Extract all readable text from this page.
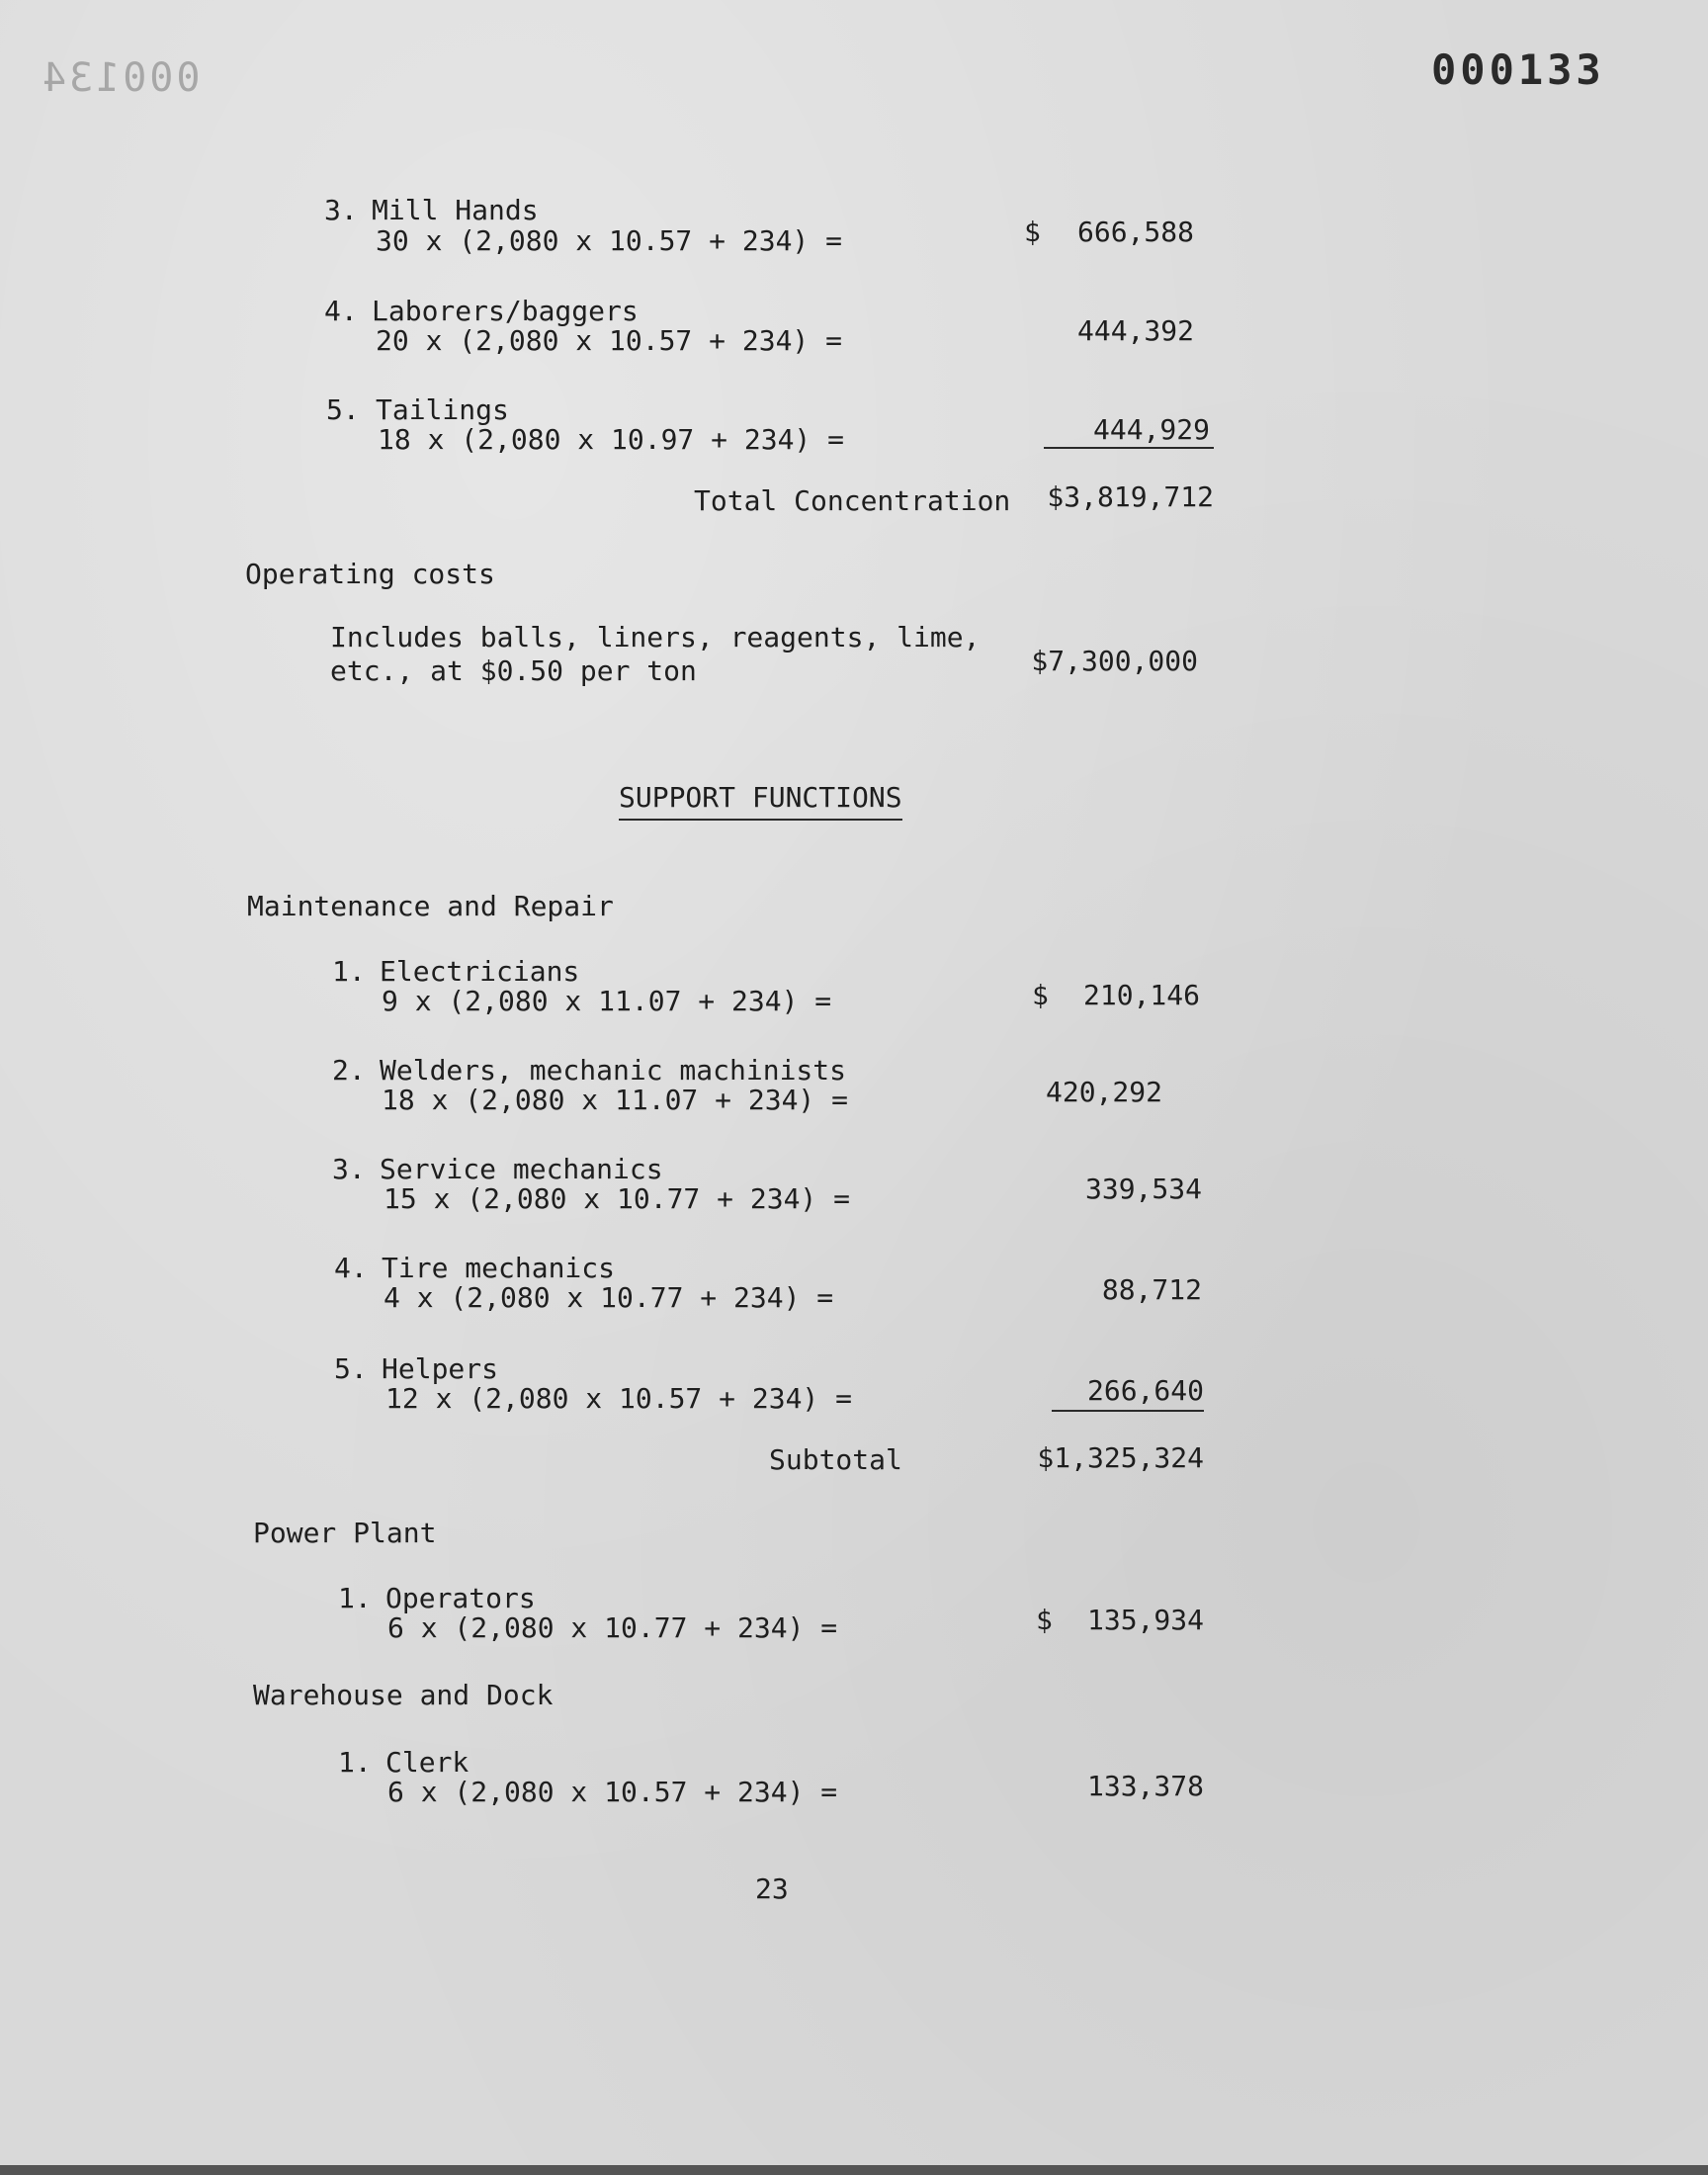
000134	000133
3. Mill Hands
30 x (2,080 x 10.57 + 234) =	$	666,588
4. Laborers/baggers
20 x (2,080 x 10.57 + 234) =	444,392
5. Tailings
18 x (2,080 x 10.97 + 234) =	444,929
Total Concentration	$3,819,712
Operating costs
Includes balls, liners, reagents, lime,
etc., at $0.50 per ton	$7,300,000
SUPPORT FUNCTIONS
Maintenance and Repair
1. Electricians
9 x (2,080 x 11.07 + 234) =	$	210,146
2. Welders, mechanic machinists
18 x (2,080 x 11.07 + 234) =	420,292
3. Service mechanics
15 x (2,080 x 10.77 + 234) =	339,534
4. Tire mechanics
4 x (2,080 x 10.77 + 234) =	88,712
5. Helpers
12 x (2,080 x 10.57 + 234) =	266,640
Subtotal	$1,325,324
Power Plant
1. Operators
6 x (2,080 x 10.77 + 234) =	$	135,934
Warehouse and Dock
1. Clerk
6 x (2,080 x 10.57 + 234) =	133,378
23
